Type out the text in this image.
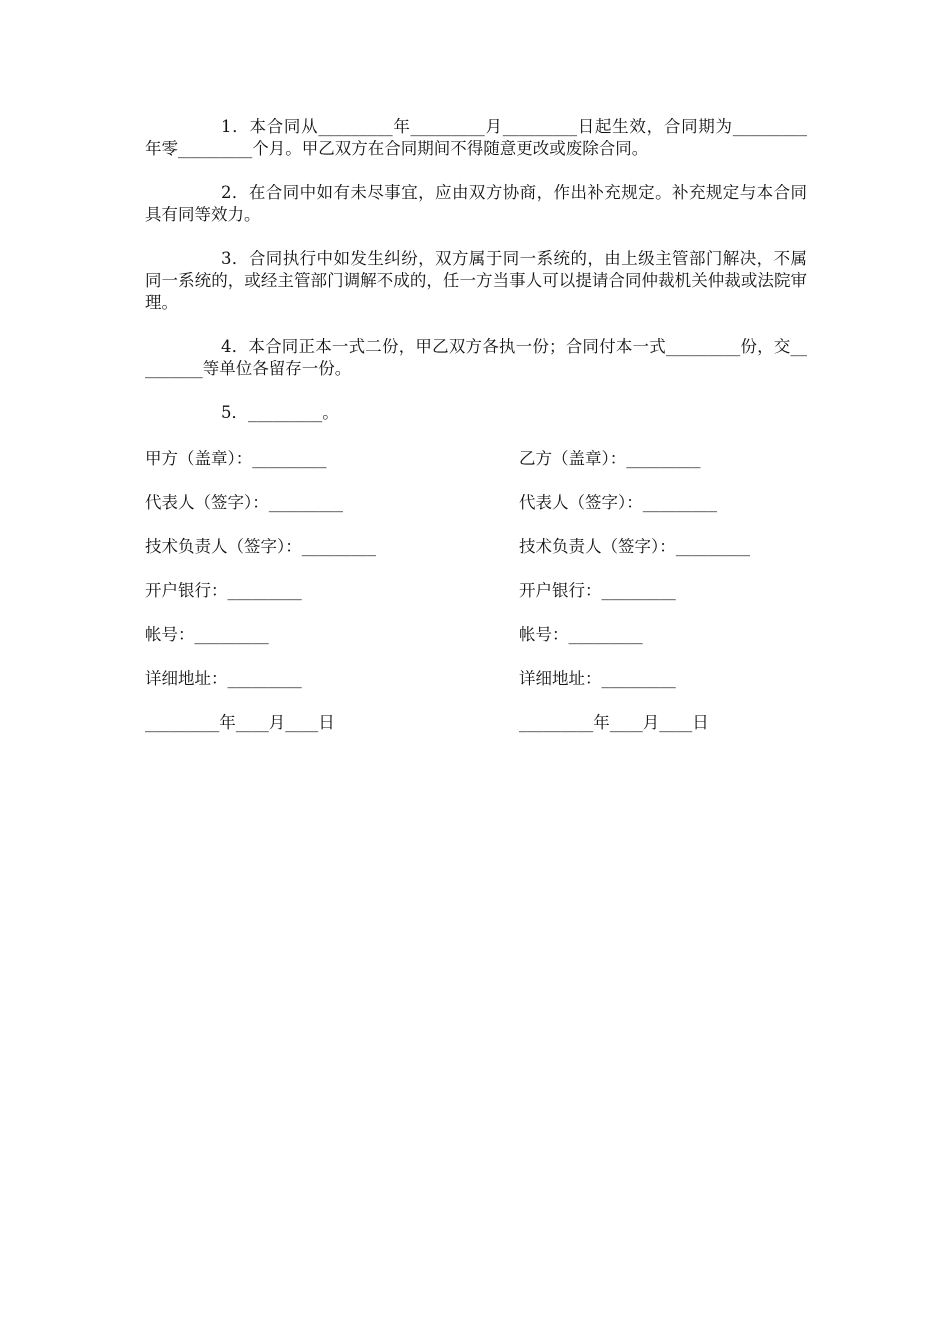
1．本合同从_________年_________月_________日起生效，合同期为_________年零_________个月。甲乙双方在合同期间不得随意更改或废除合同。
2．在合同中如有未尽事宜，应由双方协商，作出补充规定。补充规定与本合同具有同等效力。
3．合同执行中如发生纠纷，双方属于同一系统的，由上级主管部门解决，不属同一系统的，或经主管部门调解不成的，任一方当事人可以提请合同仲裁机关仲裁或法院审理。
4．本合同正本一式二份，甲乙双方各执一份；合同付本一式_________份，交_________等单位各留存一份。
5．_________。
甲方（盖章）：_________	乙方（盖章）：_________
代表人（签字）：_________	代表人（签字）：_________
技术负责人（签字）：_________	技术负责人（签字）：_________
开户银行：_________	开户银行：_________
帐号：_________	帐号：_________
详细地址：_________	详细地址：_________
_________年____月____日	_________年____月____日
